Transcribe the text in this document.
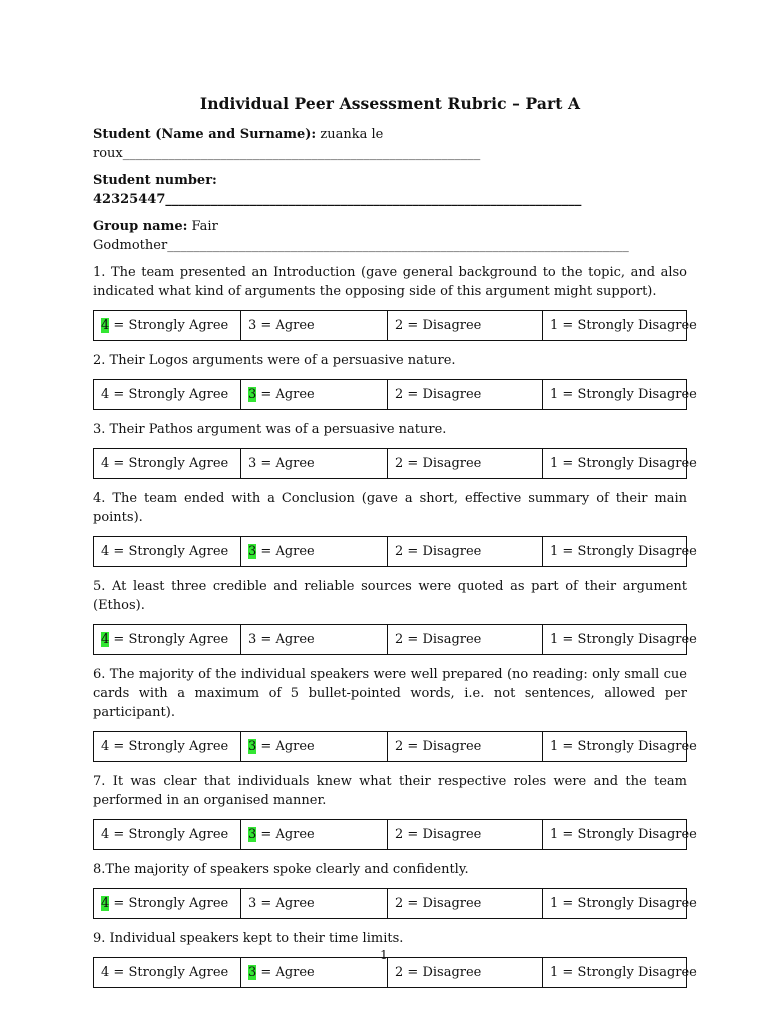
Individual Peer Assessment Rubric – Part A
Student (Name and Surname): zuanka le
roux_______________________________________________________
Student number:
42325447________________________________________________________________
Group name: Fair
Godmother_______________________________________________________________________
1. The team presented an Introduction (gave general background to the topic, and also indicated what kind of arguments the opposing side of this argument might support).
4 = Strongly Agree	3 = Agree	2 = Disagree	1 = Strongly Disagree
2. Their Logos arguments were of a persuasive nature.
4 = Strongly Agree	3 = Agree	2 = Disagree	1 = Strongly Disagree
3. Their Pathos argument was of a persuasive nature.
4 = Strongly Agree	3 = Agree	2 = Disagree	1 = Strongly Disagree
4. The team ended with a Conclusion (gave a short, effective summary of their main points).
4 = Strongly Agree	3 = Agree	2 = Disagree	1 = Strongly Disagree
5. At least three credible and reliable sources were quoted as part of their argument (Ethos).
4 = Strongly Agree	3 = Agree	2 = Disagree	1 = Strongly Disagree
6. The majority of the individual speakers were well prepared (no reading: only small cue cards with a maximum of 5 bullet-pointed words, i.e. not sentences, allowed per participant).
4 = Strongly Agree	3 = Agree	2 = Disagree	1 = Strongly Disagree
7. It was clear that individuals knew what their respective roles were and the team performed in an organised manner.
4 = Strongly Agree	3 = Agree	2 = Disagree	1 = Strongly Disagree
8.The majority of speakers spoke clearly and confidently.
4 = Strongly Agree	3 = Agree	2 = Disagree	1 = Strongly Disagree
9. Individual speakers kept to their time limits.
4 = Strongly Agree	3 = Agree	2 = Disagree	1 = Strongly Disagree
1
